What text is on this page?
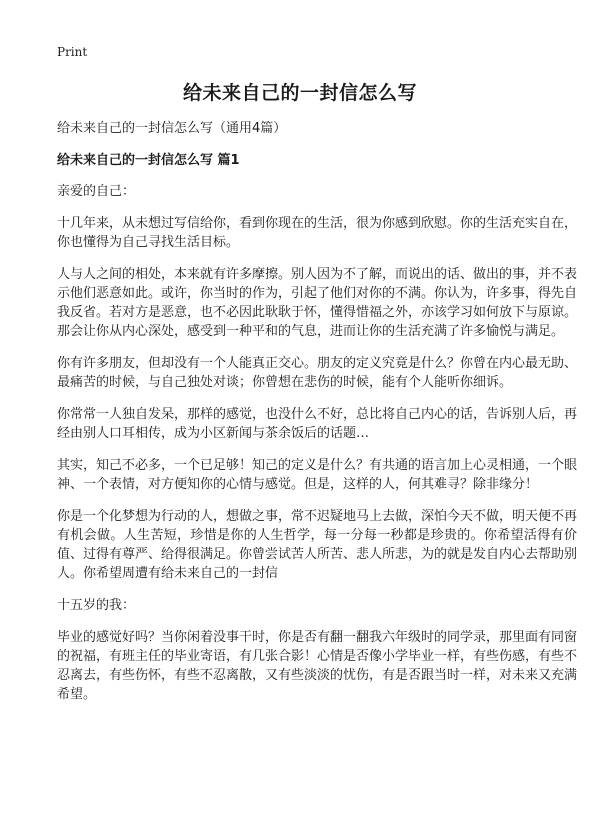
Print
给未来自己的一封信怎么写

给未来自己的一封信怎么写（通用4篇）

给未来自己的一封信怎么写 篇1

亲爱的自己：

十几年来，从未想过写信给你，看到你现在的生活，很为你感到欣慰。你的生活充实自在，你也懂得为自己寻找生活目标。

人与人之间的相处，本来就有许多摩擦。别人因为不了解，而说出的话、做出的事，并不表示他们恶意如此。或许，你当时的作为，引起了他们对你的不满。你认为，许多事，得先自我反省。若对方是恶意，也不必因此耿耿于怀，懂得惜福之外，亦该学习如何放下与原谅。那会让你从内心深处，感受到一种平和的气息，进而让你的生活充满了许多愉悦与满足。

你有许多朋友，但却没有一个人能真正交心。朋友的定义究竟是什么？你曾在内心最无助、最痛苦的时候，与自己独处对谈；你曾想在悲伤的时候，能有个人能听你细诉。

你常常一人独自发呆，那样的感觉，也没什么不好，总比将自己内心的话，告诉别人后，再经由别人口耳相传，成为小区新闻与茶余饭后的话题…

其实，知己不必多，一个已足够！知己的定义是什么？有共通的语言加上心灵相通，一个眼神、一个表情，对方便知你的心情与感觉。但是，这样的人，何其难寻？除非缘分！

你是一个化梦想为行动的人，想做之事，常不迟疑地马上去做，深怕今天不做，明天便不再有机会做。人生苦短，珍惜是你的人生哲学，每一分每一秒都是珍贵的。你希望活得有价值、过得有尊严、给得很满足。你曾尝试苦人所苦、悲人所悲，为的就是发自内心去帮助别人。你希望周遭有给未来自己的一封信

十五岁的我：

毕业的感觉好吗？当你闲着没事干时，你是否有翻一翻我六年级时的同学录，那里面有同窗的祝福，有班主任的毕业寄语，有几张合影！心情是否像小学毕业一样，有些伤感，有些不忍离去，有些伤怀，有些不忍离散，又有些淡淡的忧伤，有是否跟当时一样，对未来又充满希望。
